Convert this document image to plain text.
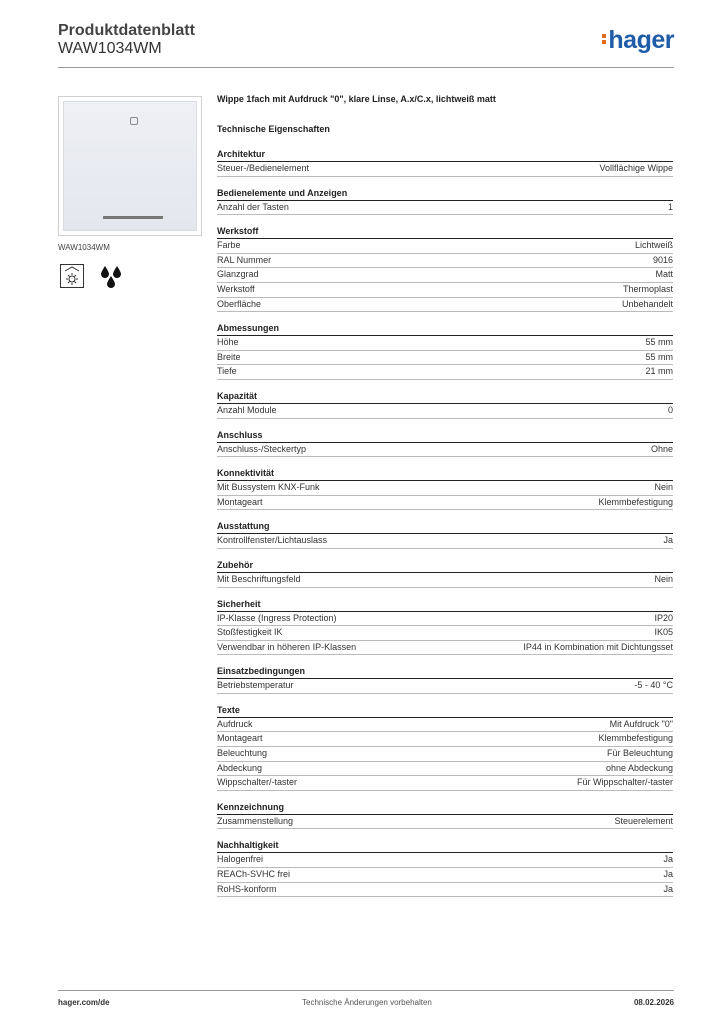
Produktdatenblatt
WAW1034WM	hager
WAW1034WM
Wippe 1fach mit Aufdruck "0", klare Linse, A.x/C.x, lichtweiß matt
Technische Eigenschaften
Architektur
Steuer-/Bedienelement	Vollflächige Wippe
Bedienelemente und Anzeigen
Anzahl der Tasten	1
Werkstoff
Farbe	Lichtweiß
RAL Nummer	9016
Glanzgrad	Matt
Werkstoff	Thermoplast
Oberfläche	Unbehandelt
Abmessungen
Höhe	55 mm
Breite	55 mm
Tiefe	21 mm
Kapazität
Anzahl Module	0
Anschluss
Anschluss-/Steckertyp	Ohne
Konnektivität
Mit Bussystem KNX-Funk	Nein
Montageart	Klemmbefestigung
Ausstattung
Kontrollfenster/Lichtauslass	Ja
Zubehör
Mit Beschriftungsfeld	Nein
Sicherheit
IP-Klasse (Ingress Protection)	IP20
Stoßfestigkeit IK	IK05
Verwendbar in höheren IP-Klassen	IP44 in Kombination mit Dichtungsset
Einsatzbedingungen
Betriebstemperatur	-5 - 40 °C
Texte
Aufdruck	Mit Aufdruck "0"
Montageart	Klemmbefestigung
Beleuchtung	Für Beleuchtung
Abdeckung	ohne Abdeckung
Wippschalter/-taster	Für Wippschalter/-taster
Kennzeichnung
Zusammenstellung	Steuerelement
Nachhaltigkeit
Halogenfrei	Ja
REACh-SVHC frei	Ja
RoHS-konform	Ja
hager.com/de	Technische Änderungen vorbehalten	08.02.2026
